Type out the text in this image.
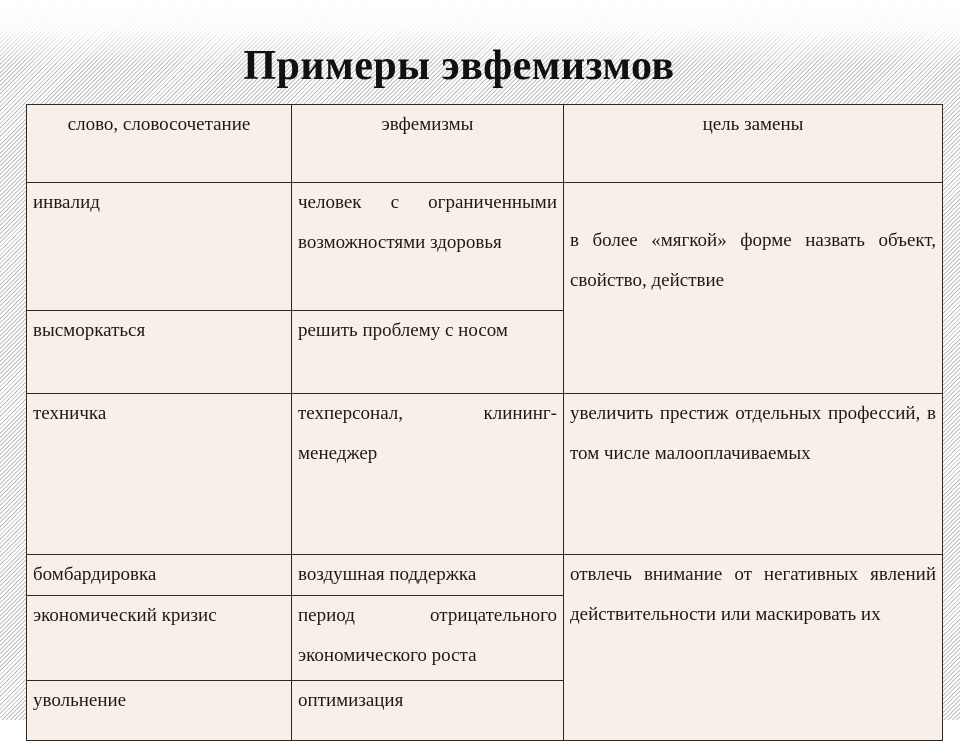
Примеры эвфемизмов
слово, словосочетание	эвфемизмы	цель замены
инвалид	человек с ограниченными возможностями здоровья	в более «мягкой» форме назвать объект, свойство, действие
высморкаться	решить проблему с носом	
техничка	техперсонал, клининг-менеджер	увеличить престиж отдельных профессий, в том числе малооплачиваемых
бомбардировка	воздушная поддержка	отвлечь внимание от негативных явлений действительности или маскировать их
экономический кризис	период отрицательного экономического роста	
увольнение	оптимизация	
